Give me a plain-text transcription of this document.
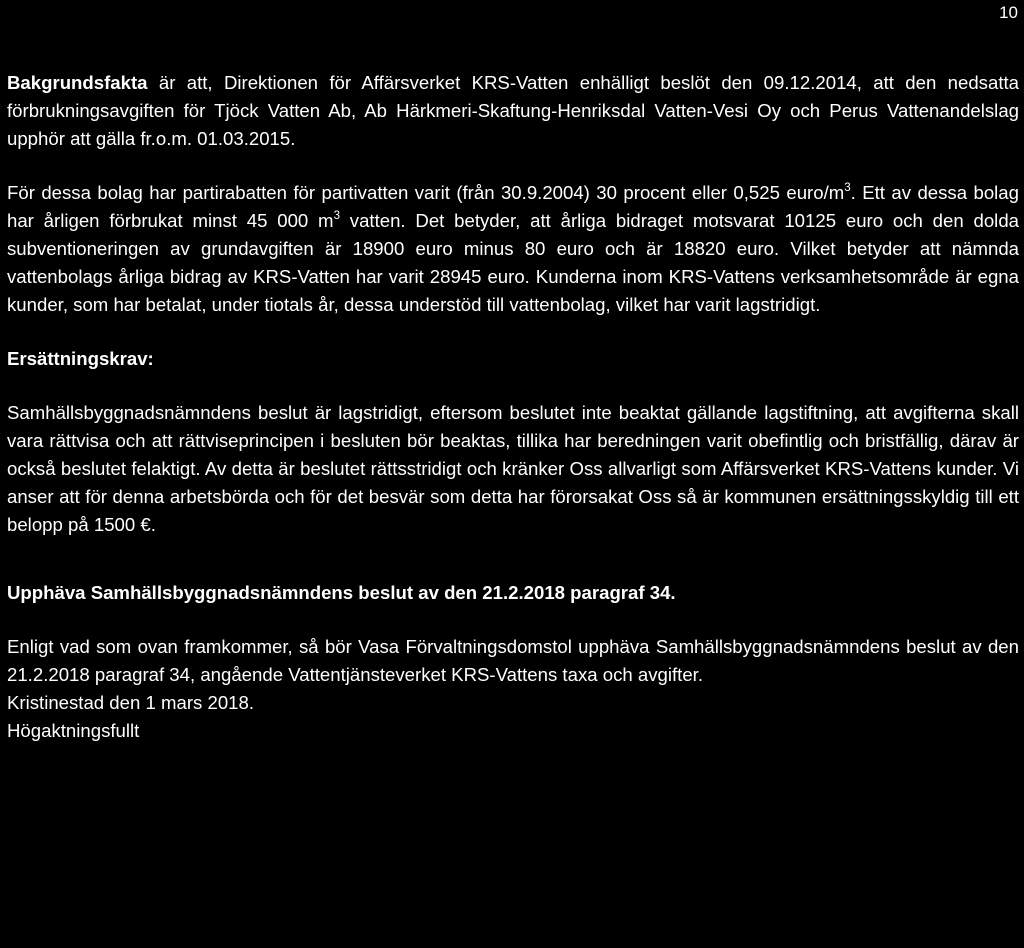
10

Bakgrundsfakta är att, Direktionen för Affärsverket KRS-Vatten enhälligt beslöt den 09.12.2014, att den nedsatta förbrukningsavgiften för Tjöck Vatten Ab, Ab Härkmeri-Skaftung-Henriksdal Vatten-Vesi Oy och Perus Vattenandelslag upphör att gälla fr.o.m. 01.03.2015.

För dessa bolag har partirabatten för partivatten varit (från 30.9.2004) 30 procent eller 0,525 euro/$m^3$. Ett av dessa bolag har årligen förbrukat minst 45 000 $m^3$ vatten. Det betyder, att årliga bidraget motsvarat 10125 euro och den dolda subventioneringen av grundavgiften är 18900 euro minus 80 euro och är 18820 euro. Vilket betyder att nämnda vattenbolags årliga bidrag av KRS-Vatten har varit 28945 euro. Kunderna inom KRS-Vattens verksamhetsområde är egna kunder, som har betalat, under tiotals år, dessa understöd till vattenbolag, vilket har varit lagstridigt.

Ersättningskrav:

Samhällsbyggnadsnämndens beslut är lagstridigt, eftersom beslutet inte beaktat gällande lagstiftning, att avgifterna skall vara rättvisa och att rättviseprincipen i besluten bör beaktas, tillika har beredningen varit obefintlig och bristfällig, därav är också beslutet felaktigt. Av detta är beslutet rättsstridigt och kränker Oss allvarligt som Affärsverket KRS-Vattens kunder. Vi anser att för denna arbetsbörda och för det besvär som detta har förorsakat Oss så är kommunen ersättningsskyldig till ett belopp på 1500 €.

Upphäva Samhällsbyggnadsnämndens beslut av den 21.2.2018 paragraf 34.

Enligt vad som ovan framkommer, så bör Vasa Förvaltningsdomstol upphäva Samhällsbyggnadsnämndens beslut av den 21.2.2018 paragraf 34, angående Vattentjänsteverket KRS-Vattens taxa och avgifter.

Kristinestad den 1 mars 2018.

Högaktningsfullt
